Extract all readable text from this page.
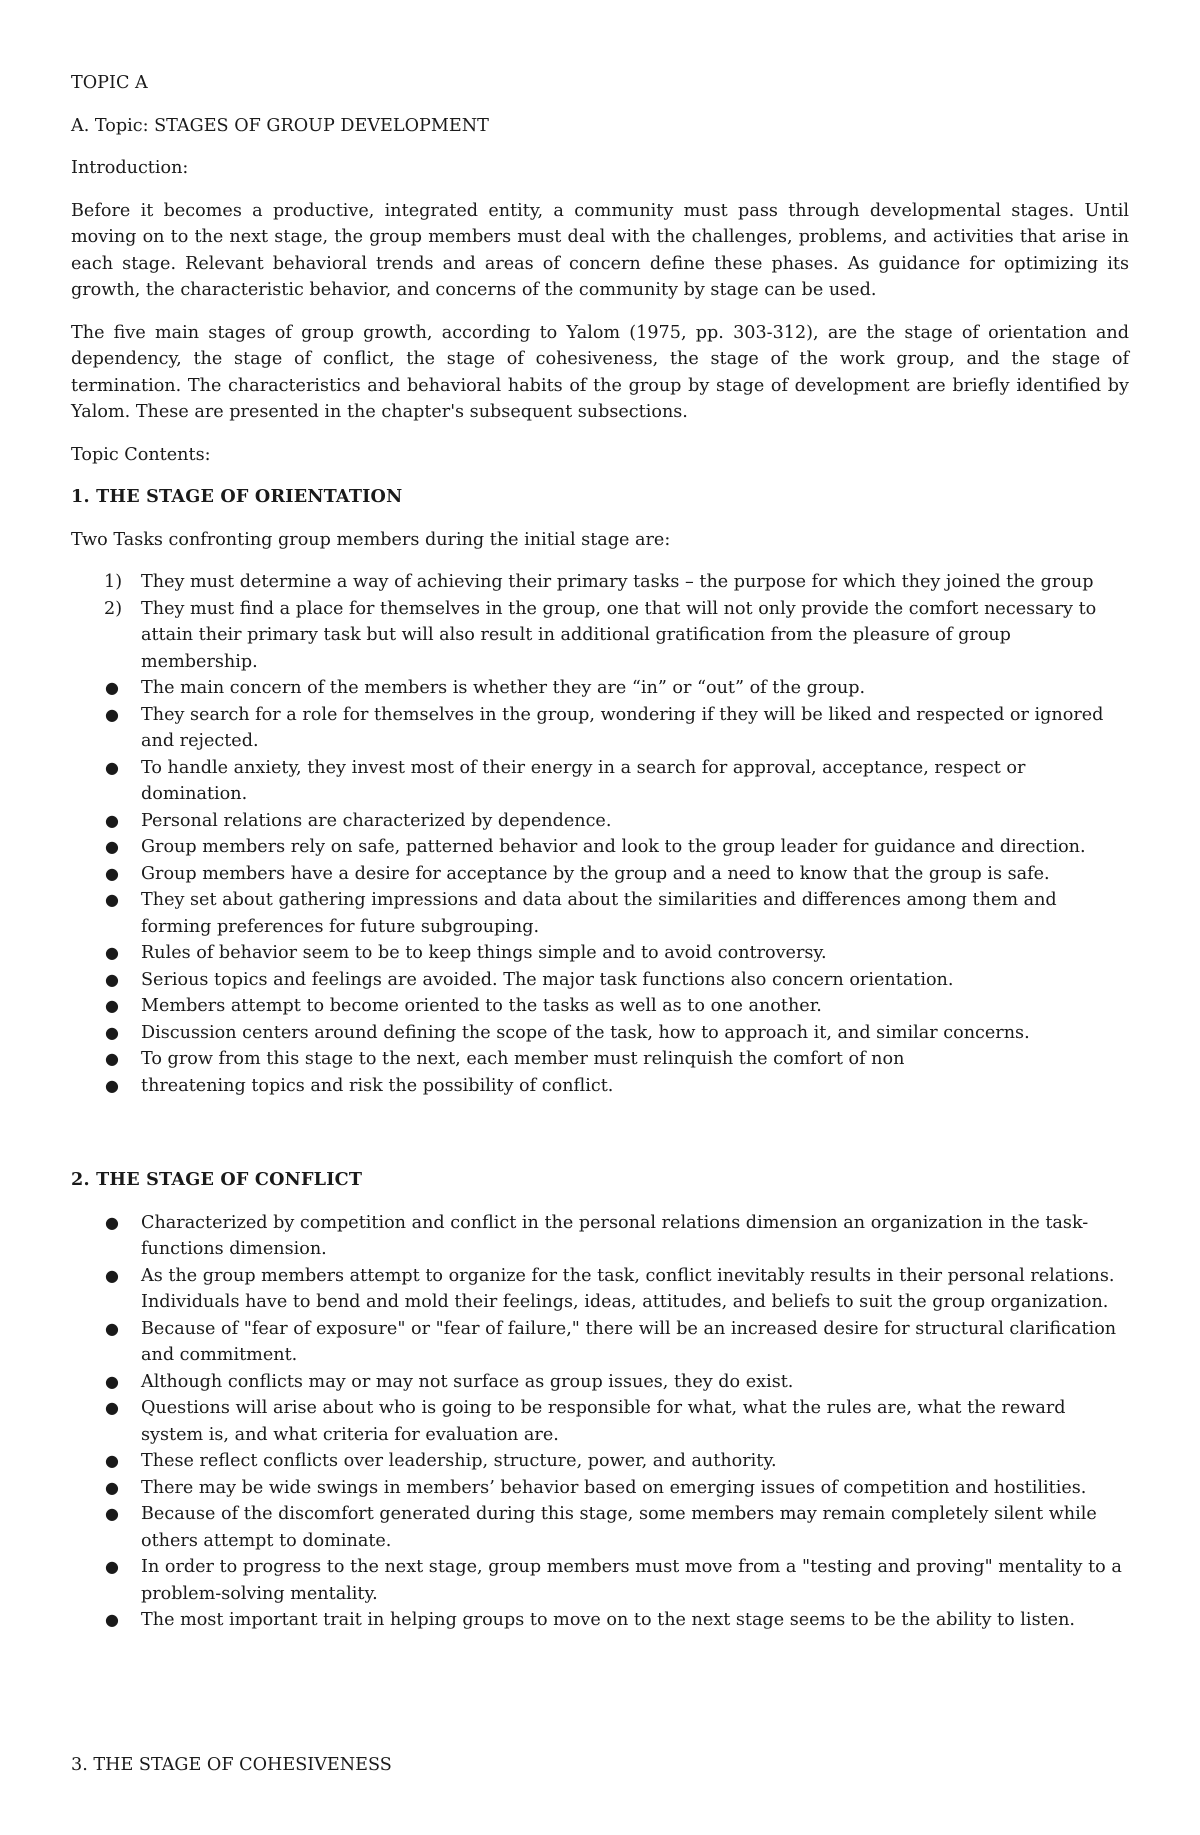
TOPIC A

A. Topic: STAGES OF GROUP DEVELOPMENT

Introduction:

Before it becomes a productive, integrated entity, a community must pass through developmental stages. Until moving on to the next stage, the group members must deal with the challenges, problems, and activities that arise in each stage. Relevant behavioral trends and areas of concern define these phases. As guidance for optimizing its growth, the characteristic behavior, and concerns of the community by stage can be used.

The five main stages of group growth, according to Yalom (1975, pp. 303-312), are the stage of orientation and dependency, the stage of conflict, the stage of cohesiveness, the stage of the work group, and the stage of termination. The characteristics and behavioral habits of the group by stage of development are briefly identified by Yalom. These are presented in the chapter's subsequent subsections.

Topic Contents:

1. THE STAGE OF ORIENTATION

Two Tasks confronting group members during the initial stage are:

1) They must determine a way of achieving their primary tasks – the purpose for which they joined the group
2) They must find a place for themselves in the group, one that will not only provide the comfort necessary to attain their primary task but will also result in additional gratification from the pleasure of group membership.
● The main concern of the members is whether they are “in” or “out” of the group.
● They search for a role for themselves in the group, wondering if they will be liked and respected or ignored and rejected.
● To handle anxiety, they invest most of their energy in a search for approval, acceptance, respect or domination.
● Personal relations are characterized by dependence.
● Group members rely on safe, patterned behavior and look to the group leader for guidance and direction.
● Group members have a desire for acceptance by the group and a need to know that the group is safe.
● They set about gathering impressions and data about the similarities and differences among them and forming preferences for future subgrouping.
● Rules of behavior seem to be to keep things simple and to avoid controversy.
● Serious topics and feelings are avoided. The major task functions also concern orientation.
● Members attempt to become oriented to the tasks as well as to one another.
● Discussion centers around defining the scope of the task, how to approach it, and similar concerns.
● To grow from this stage to the next, each member must relinquish the comfort of non
● threatening topics and risk the possibility of conflict.

2. THE STAGE OF CONFLICT

● Characterized by competition and conflict in the personal relations dimension an organization in the task-functions dimension.
● As the group members attempt to organize for the task, conflict inevitably results in their personal relations. Individuals have to bend and mold their feelings, ideas, attitudes, and beliefs to suit the group organization.
● Because of "fear of exposure" or "fear of failure," there will be an increased desire for structural clarification and commitment.
● Although conflicts may or may not surface as group issues, they do exist.
● Questions will arise about who is going to be responsible for what, what the rules are, what the reward system is, and what criteria for evaluation are.
● These reflect conflicts over leadership, structure, power, and authority.
● There may be wide swings in members’ behavior based on emerging issues of competition and hostilities.
● Because of the discomfort generated during this stage, some members may remain completely silent while others attempt to dominate.
● In order to progress to the next stage, group members must move from a "testing and proving" mentality to a problem-solving mentality.
● The most important trait in helping groups to move on to the next stage seems to be the ability to listen.

3. THE STAGE OF COHESIVENESS
